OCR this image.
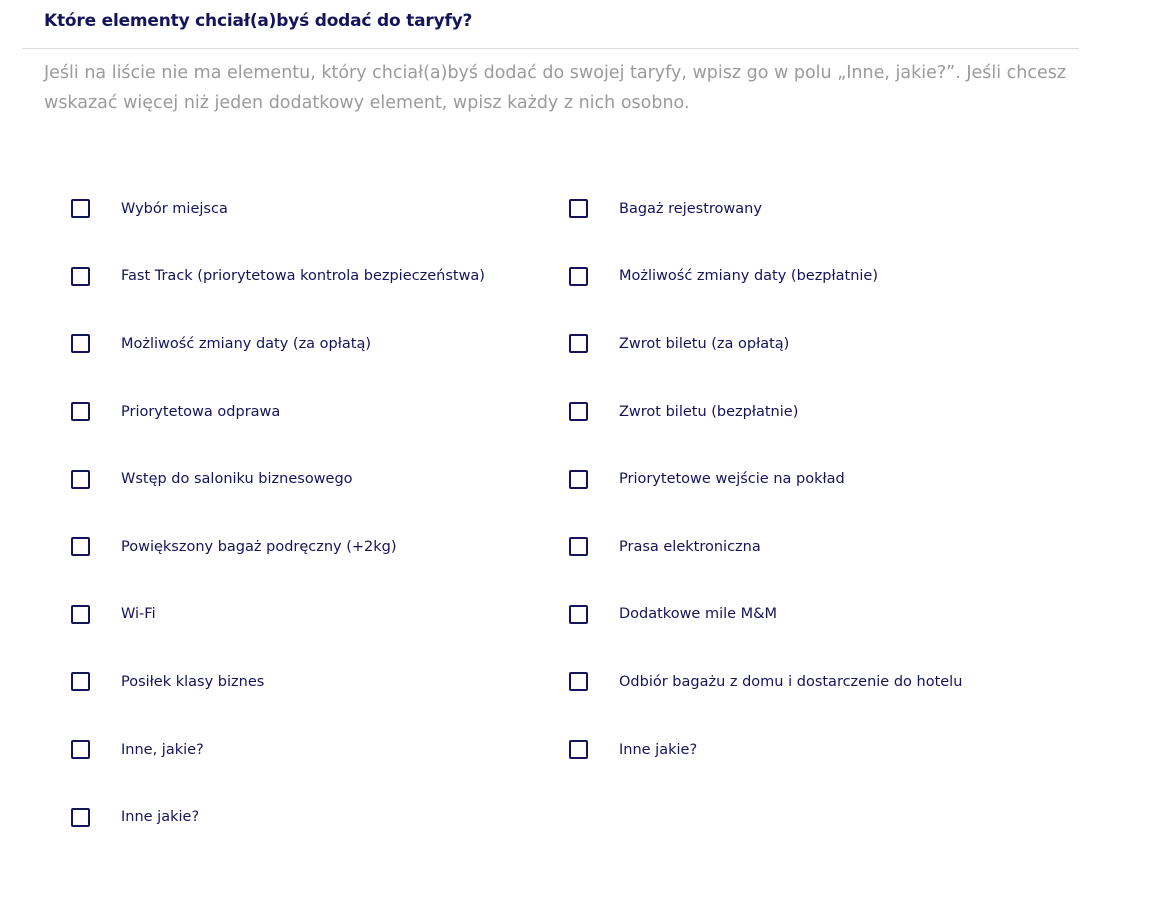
Które elementy chciał(a)byś dodać do taryfy?

Jeśli na liście nie ma elementu, który chciał(a)byś dodać do swojej taryfy, wpisz go w polu „Inne, jakie?”. Jeśli chcesz wskazać więcej niż jeden dodatkowy element, wpisz każdy z nich osobno.

Wybór miejsca	Bagaż rejestrowany
Fast Track (priorytetowa kontrola bezpieczeństwa)	Możliwość zmiany daty (bezpłatnie)
Możliwość zmiany daty (za opłatą)	Zwrot biletu (za opłatą)
Priorytetowa odprawa	Zwrot biletu (bezpłatnie)
Wstęp do saloniku biznesowego	Priorytetowe wejście na pokład
Powiększony bagaż podręczny (+2kg)	Prasa elektroniczna
Wi-Fi	Dodatkowe mile M&M
Posiłek klasy biznes	Odbiór bagażu z domu i dostarczenie do hotelu
Inne, jakie?	Inne jakie?
Inne jakie?
